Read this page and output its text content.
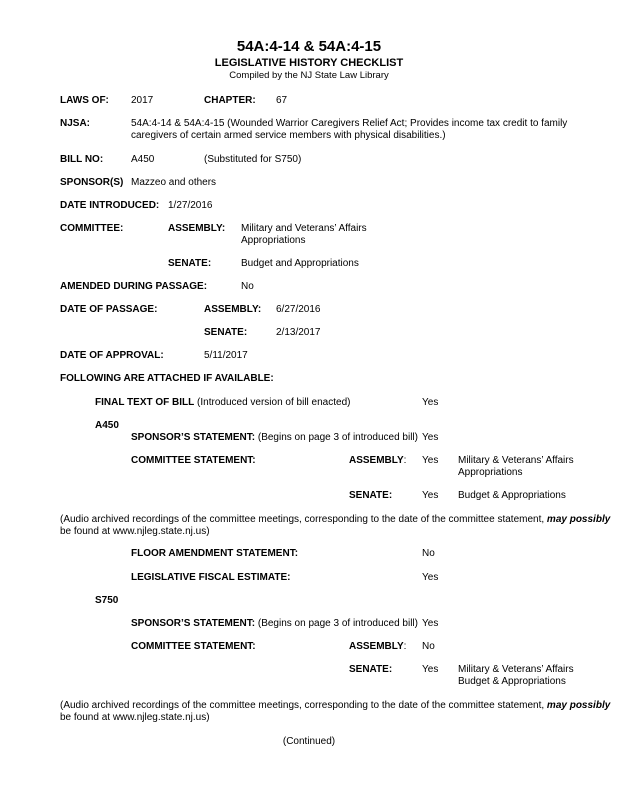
54A:4-14 & 54A:4-15
LEGISLATIVE HISTORY CHECKLIST
Compiled by the NJ State Law Library
LAWS OF: 2017	CHAPTER: 67
NJSA:	54A:4-14 & 54A:4-15 (Wounded Warrior Caregivers Relief Act; Provides income tax credit to family
caregivers of certain armed service members with physical disabilities.)
BILL NO:	A450	(Substituted for S750)
SPONSOR(S) Mazzeo and others
DATE INTRODUCED: 1/27/2016
COMMITTEE:	ASSEMBLY: Military and Veterans’ Affairs
Appropriations
SENATE:	Budget and Appropriations
AMENDED DURING PASSAGE:	No
DATE OF PASSAGE:	ASSEMBLY: 6/27/2016
SENATE:	2/13/2017
DATE OF APPROVAL:	5/11/2017
FOLLOWING ARE ATTACHED IF AVAILABLE:
FINAL TEXT OF BILL (Introduced version of bill enacted)	Yes
A450
SPONSOR’S STATEMENT: (Begins on page 3 of introduced bill) Yes
COMMITTEE STATEMENT:	ASSEMBLY: Yes Military & Veterans’ Affairs
Appropriations
SENATE:	Yes Budget & Appropriations
(Audio archived recordings of the committee meetings, corresponding to the date of the committee statement, may possibly
be found at www.njleg.state.nj.us)
FLOOR AMENDMENT STATEMENT:	No
LEGISLATIVE FISCAL ESTIMATE:	Yes
S750
SPONSOR’S STATEMENT: (Begins on page 3 of introduced bill) Yes
COMMITTEE STATEMENT:	ASSEMBLY: No
SENATE:	Yes Military & Veterans’ Affairs
Budget & Appropriations
(Audio archived recordings of the committee meetings, corresponding to the date of the committee statement, may possibly
be found at www.njleg.state.nj.us)
(Continued)
